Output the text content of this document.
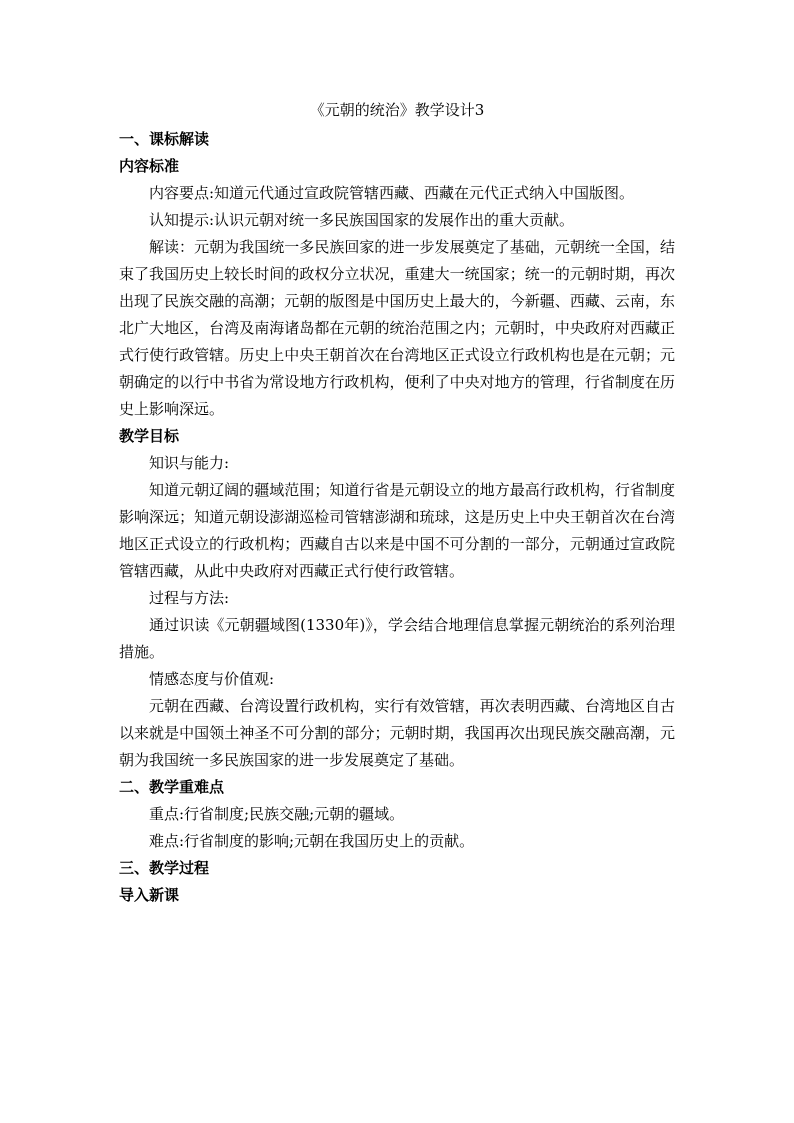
《元朝的统治》教学设计3

一、课标解读

内容标准

内容要点:知道元代通过宣政院管辖西藏、西藏在元代正式纳入中国版图。

认知提示:认识元朝对统一多民族国国家的发展作出的重大贡献。

解读：元朝为我国统一多民族回家的进一步发展奠定了基础，元朝统一全国，结束了我国历史上较长时间的政权分立状况，重建大一统国家；统一的元朝时期，再次出现了民族交融的高潮；元朝的版图是中国历史上最大的，今新疆、西藏、云南，东北广大地区，台湾及南海诸岛都在元朝的统治范围之内；元朝时，中央政府对西藏正式行使行政管辖。历史上中央王朝首次在台湾地区正式设立行政机构也是在元朝；元朝确定的以行中书省为常设地方行政机构，便利了中央对地方的管理，行省制度在历史上影响深远。

教学目标

知识与能力:

知道元朝辽阔的疆域范围；知道行省是元朝设立的地方最高行政机构，行省制度影响深远；知道元朝设澎湖巡检司管辖澎湖和琉球，这是历史上中央王朝首次在台湾地区正式设立的行政机构；西藏自古以来是中国不可分割的一部分，元朝通过宣政院管辖西藏，从此中央政府对西藏正式行使行政管辖。

过程与方法:

通过识读《元朝疆域图(1330年)》，学会结合地理信息掌握元朝统治的系列治理措施。

情感态度与价值观:

元朝在西藏、台湾设置行政机构，实行有效管辖，再次表明西藏、台湾地区自古以来就是中国领土神圣不可分割的部分；元朝时期，我国再次出现民族交融高潮，元朝为我国统一多民族国家的进一步发展奠定了基础。

二、教学重难点

重点:行省制度;民族交融;元朝的疆域。

难点:行省制度的影响;元朝在我国历史上的贡献。

三、教学过程

导入新课
